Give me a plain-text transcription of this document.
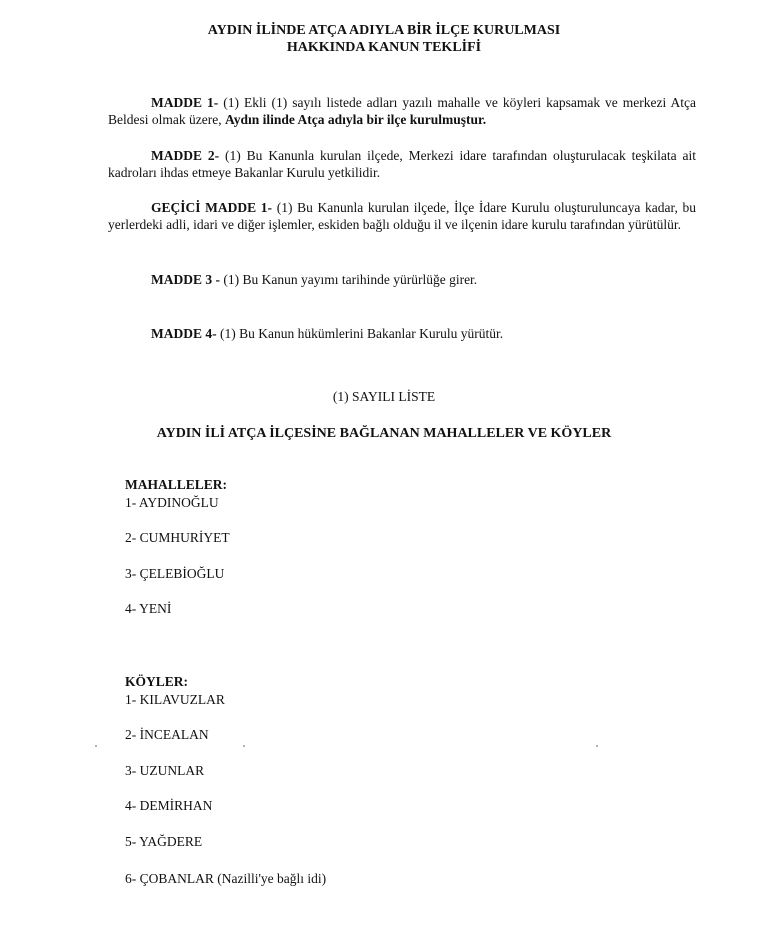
AYDIN İLİNDE ATÇA ADIYLA BİR İLÇE KURULMASI
HAKKINDA KANUN TEKLİFİ
MADDE 1- (1) Ekli (1) sayılı listede adları yazılı mahalle ve köyleri kapsamak ve merkezi Atça Beldesi olmak üzere, Aydın ilinde Atça adıyla bir ilçe kurulmuştur.
MADDE 2- (1) Bu Kanunla kurulan ilçede, Merkezi idare tarafından oluşturulacak teşkilata ait kadroları ihdas etmeye Bakanlar Kurulu yetkilidir.
GEÇİCİ MADDE 1- (1) Bu Kanunla kurulan ilçede, İlçe İdare Kurulu oluşturuluncaya kadar, bu yerlerdeki adli, idari ve diğer işlemler, eskiden bağlı olduğu il ve ilçenin idare kurulu tarafından yürütülür.
MADDE 3 - (1) Bu Kanun yayımı tarihinde yürürlüğe girer.
MADDE 4- (1) Bu Kanun hükümlerini Bakanlar Kurulu yürütür.
(1) SAYILI LİSTE
AYDIN İLİ ATÇA İLÇESİNE BAĞLANAN MAHALLELER VE KÖYLER
MAHALLELER:
1- AYDINOĞLU
2- CUMHURİYET
3- ÇELEBİOĞLU
4- YENİ
KÖYLER:
1- KILAVUZLAR
2- İNCEALAN
3- UZUNLAR
4- DEMİRHAN
5- YAĞDERE
6- ÇOBANLAR (Nazilli'ye bağlı idi)
